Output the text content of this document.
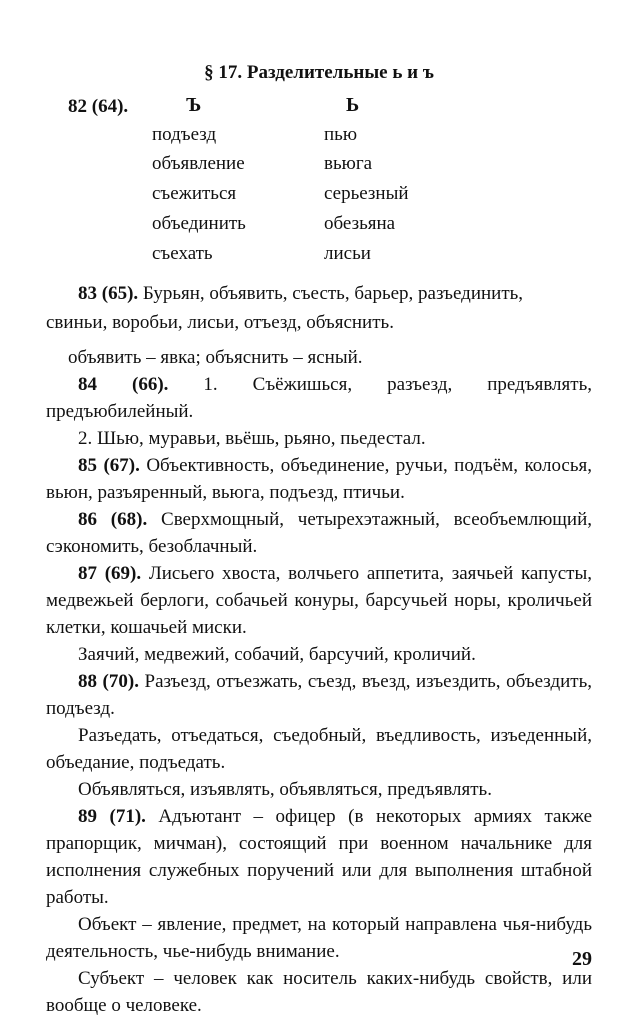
§ 17. Разделительные ь и ъ
82 (64).	Ъ	Ь
подъезд
объявление
съежиться
объединить
съехать
пью
вьюга
серьезный
обезьяна
лисьи
83 (65). Бурьян, объявить, съесть, барьер, разъединить,
свиньи, воробьи, лисьи, отъезд, объяснить.

объявить – явка; объяснить – ясный.

84 (66). 1. Съёжишься, разъезд, предъявлять, предъюбилейный.

2. Шью, муравьи, вьёшь, рьяно, пьедестал.

85 (67). Объективность, объединение, ручьи, подъём, колосья, вьюн, разъяренный, вьюга, подъезд, птичьи.

86 (68). Сверхмощный, четырехэтажный, всеобъемлющий, сэкономить, безоблачный.

87 (69). Лисьего хвоста, волчьего аппетита, заячьей капусты, медвежьей берлоги, собачьей конуры, барсучьей норы, кроличьей клетки, кошачьей миски.

Заячий, медвежий, собачий, барсучий, кроличий.

88 (70). Разъезд, отъезжать, съезд, въезд, изъездить, объездить, подъезд.

Разъедать, отъедаться, съедобный, въедливость, изъеденный, объедание, подъедать.

Объявляться, изъявлять, объявляться, предъявлять.

89 (71). Адъютант – офицер (в некоторых армиях также прапорщик, мичман), состоящий при военном начальнике для исполнения служебных поручений или для выполнения штабной работы.

Объект – явление, предмет, на который направлена чья-нибудь деятельность, чье-нибудь внимание.

Субъект – человек как носитель каких-нибудь свойств, или вообще о человеке.

29
